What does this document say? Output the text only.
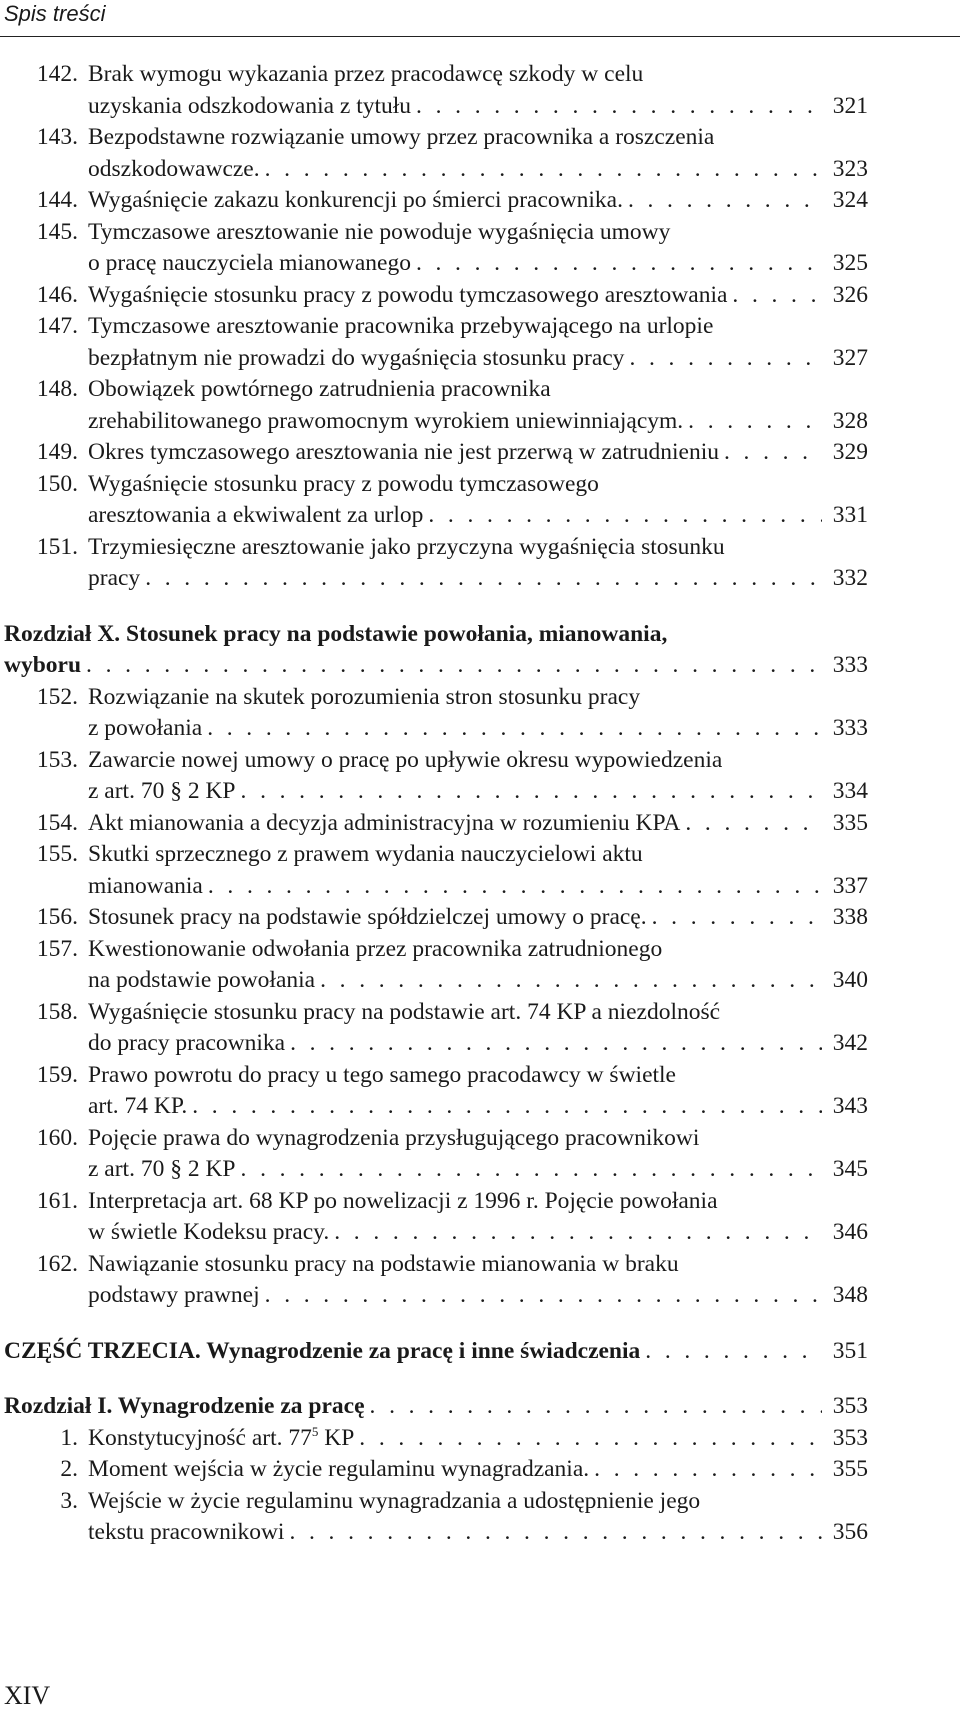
Spis treści
142. Brak wymogu wykazania przez pracodawcę szkody w celu
uzyskania odszkodowania z tytułu . . .	321
143. Bezpodstawne rozwiązanie umowy przez pracownika a roszczenia
odszkodowawcze. . . .	323
144. Wygaśnięcie zakazu konkurencji po śmierci pracownika. . . .	324
145. Tymczasowe aresztowanie nie powoduje wygaśnięcia umowy
o pracę nauczyciela mianowanego . . .	325
146. Wygaśnięcie stosunku pracy z powodu tymczasowego aresztowania . . .	326
147. Tymczasowe aresztowanie pracownika przebywającego na urlopie
bezpłatnym nie prowadzi do wygaśnięcia stosunku pracy . . .	327
148. Obowiązek powtórnego zatrudnienia pracownika
zrehabilitowanego prawomocnym wyrokiem uniewinniającym. . . .	328
149. Okres tymczasowego aresztowania nie jest przerwą w zatrudnieniu . . .	329
150. Wygaśnięcie stosunku pracy z powodu tymczasowego
aresztowania a ekwiwalent za urlop . . .	331
151. Trzymiesięczne aresztowanie jako przyczyna wygaśnięcia stosunku
pracy . . .	332
Rozdział X. Stosunek pracy na podstawie powołania, mianowania,
wyboru . . .	333
152. Rozwiązanie na skutek porozumienia stron stosunku pracy
z powołania . . .	333
153. Zawarcie nowej umowy o pracę po upływie okresu wypowiedzenia
z art. 70 § 2 KP . . .	334
154. Akt mianowania a decyzja administracyjna w rozumieniu KPA . . .	335
155. Skutki sprzecznego z prawem wydania nauczycielowi aktu
mianowania . . .	337
156. Stosunek pracy na podstawie spółdzielczej umowy o pracę. . . .	338
157. Kwestionowanie odwołania przez pracownika zatrudnionego
na podstawie powołania . . .	340
158. Wygaśnięcie stosunku pracy na podstawie art. 74 KP a niezdolność
do pracy pracownika . . .	342
159. Prawo powrotu do pracy u tego samego pracodawcy w świetle
art. 74 KP. . . .	343
160. Pojęcie prawa do wynagrodzenia przysługującego pracownikowi
z art. 70 § 2 KP . . .	345
161. Interpretacja art. 68 KP po nowelizacji z 1996 r. Pojęcie powołania
w świetle Kodeksu pracy. . . .	346
162. Nawiązanie stosunku pracy na podstawie mianowania w braku
podstawy prawnej . . .	348
CZĘŚĆ TRZECIA. Wynagrodzenie za pracę i inne świadczenia . . .	351
Rozdział I. Wynagrodzenie za pracę . . .	353
1. Konstytucyjność art. $77^5$ KP . . .	353
2. Moment wejścia w życie regulaminu wynagradzania. . . .	355
3. Wejście w życie regulaminu wynagradzania a udostępnienie jego
tekstu pracownikowi . . .	356
XIV
